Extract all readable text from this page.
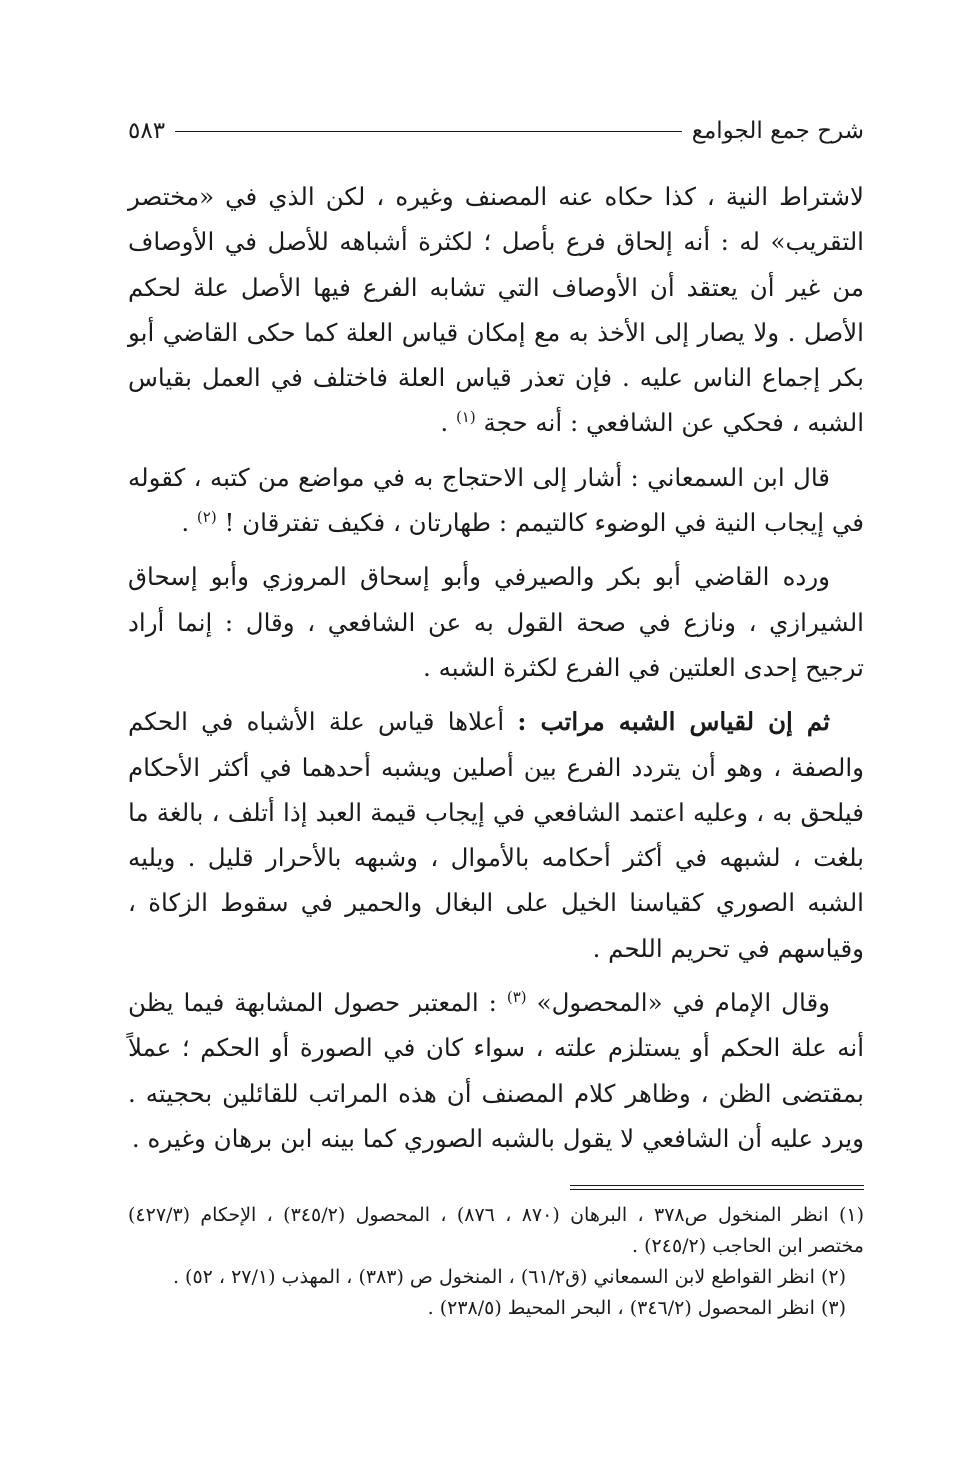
شرح جمع الجوامع
٥٨٣

لاشتراط النية ، كذا حكاه عنه المصنف وغيره ، لكن الذي في «مختصر التقريب» له : أنه إلحاق فرع بأصل ؛ لكثرة أشباهه للأصل في الأوصاف من غير أن يعتقد أن الأوصاف التي تشابه الفرع فيها الأصل علة لحكم الأصل . ولا يصار إلى الأخذ به مع إمكان قياس العلة كما حكى القاضي أبو بكر إجماع الناس عليه . فإن تعذر قياس العلة فاختلف في العمل بقياس الشبه ، فحكي عن الشافعي : أنه حجة $^{(١)}$ .

قال ابن السمعاني : أشار إلى الاحتجاج به في مواضع من كتبه ، كقوله في إيجاب النية في الوضوء كالتيمم : طهارتان ، فكيف تفترقان ! $^{(٢)}$ .

ورده القاضي أبو بكر والصيرفي وأبو إسحاق المروزي وأبو إسحاق الشيرازي ، ونازع في صحة القول به عن الشافعي ، وقال : إنما أراد ترجيح إحدى العلتين في الفرع لكثرة الشبه .

ثم إن لقياس الشبه مراتب : أعلاها قياس علة الأشباه في الحكم والصفة ، وهو أن يتردد الفرع بين أصلين ويشبه أحدهما في أكثر الأحكام فيلحق به ، وعليه اعتمد الشافعي في إيجاب قيمة العبد إذا أتلف ، بالغة ما بلغت ، لشبهه في أكثر أحكامه بالأموال ، وشبهه بالأحرار قليل . ويليه الشبه الصوري كقياسنا الخيل على البغال والحمير في سقوط الزكاة ، وقياسهم في تحريم اللحم .

وقال الإمام في «المحصول» $^{(٣)}$ : المعتبر حصول المشابهة فيما يظن أنه علة الحكم أو يستلزم علته ، سواء كان في الصورة أو الحكم ؛ عملاً بمقتضى الظن ، وظاهر كلام المصنف أن هذه المراتب للقائلين بحجيته . ويرد عليه أن الشافعي لا يقول بالشبه الصوري كما بينه ابن برهان وغيره .

(١) انظر المنخول ص٣٧٨ ، البرهان (٨٧٠ ، ٨٧٦) ، المحصول (٣٤٥/٢) ، الإحكام (٤٢٧/٣) مختصر ابن الحاجب (٢٤٥/٢) .

(٢) انظر القواطع لابن السمعاني (ق٦١/٢) ، المنخول ص (٣٨٣) ، المهذب (٢٧/١ ، ٥٢) .

(٣) انظر المحصول (٣٤٦/٢) ، البحر المحيط (٢٣٨/٥) .
